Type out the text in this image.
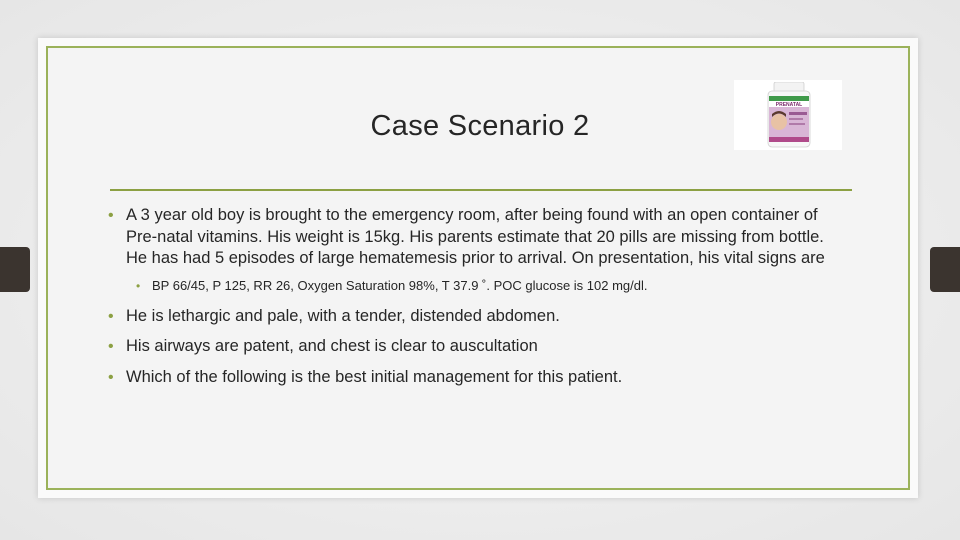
Case Scenario 2
PRENATAL

• A 3 year old boy is brought to the emergency room, after being found with an open container of Pre-natal vitamins. His weight is 15kg. His parents estimate that 20 pills are missing from bottle. He has had 5 episodes of large hematemesis prior to arrival. On presentation, his vital signs are

• BP 66/45, P 125, RR 26, Oxygen Saturation 98%, T 37.9 ˚. POC glucose is 102 mg/dl.

• He is lethargic and pale, with a tender, distended abdomen.

• His airways are patent, and chest is clear to auscultation

• Which of the following is the best initial management for this patient.
